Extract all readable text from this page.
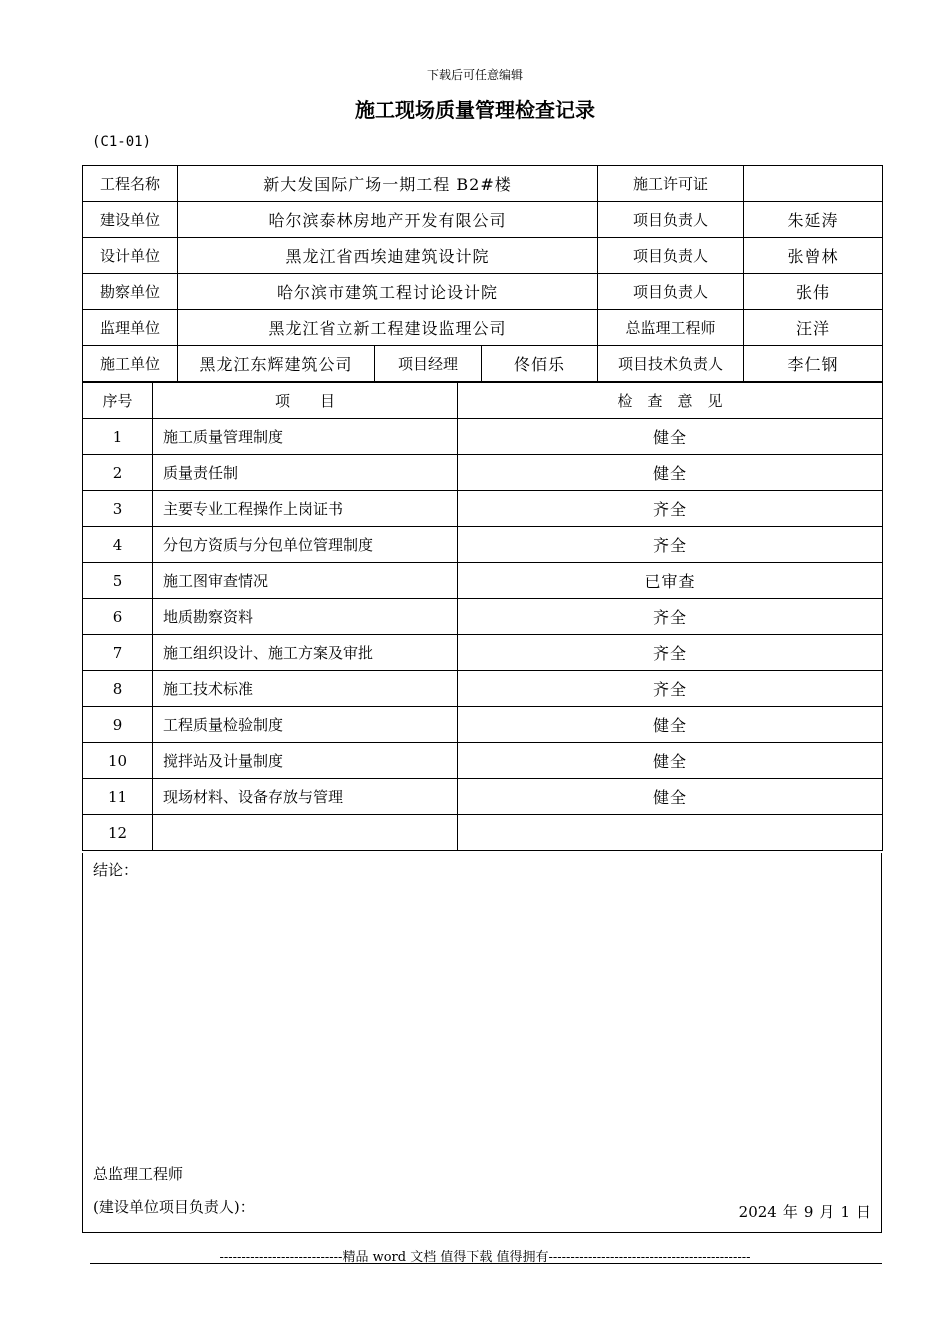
下载后可任意编辑
施工现场质量管理检查记录
(C1-01)
工程名称	新大发国际广场一期工程 B2#楼			施工许可证	
建设单位	哈尔滨泰林房地产开发有限公司			项目负责人	朱延涛
设计单位	黑龙江省西埃迪建筑设计院			项目负责人	张曾林
勘察单位	哈尔滨市建筑工程讨论设计院			项目负责人	张伟
监理单位	黑龙江省立新工程建设监理公司			总监理工程师	汪洋
施工单位	黑龙江东辉建筑公司	项目经理	佟佰乐	项目技术负责人	李仁钢
序号	项　　目	检　查　意　见
1	施工质量管理制度	健全
2	质量责任制	健全
3	主要专业工程操作上岗证书	齐全
4	分包方资质与分包单位管理制度	齐全
5	施工图审查情况	已审查
6	地质勘察资料	齐全
7	施工组织设计、施工方案及审批	齐全
8	施工技术标准	齐全
9	工程质量检验制度	健全
10	搅拌站及计量制度	健全
11	现场材料、设备存放与管理	健全
12		
结论：
总监理工程师
(建设单位项目负责人)：	2024 年 9 月 1 日
----------------------------精品 word 文档 值得下载 值得拥有----------------------------------------------
